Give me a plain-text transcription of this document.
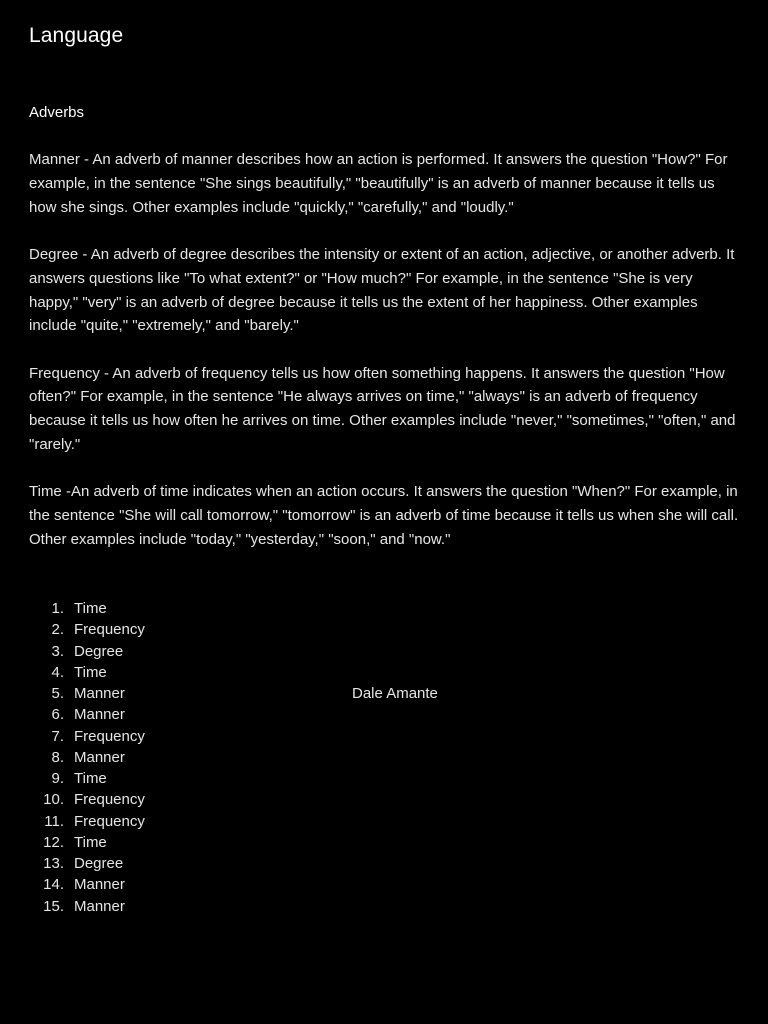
Language

Adverbs

Manner - An adverb of manner describes how an action is performed. It answers the question "How?" For example, in the sentence "She sings beautifully," "beautifully" is an adverb of manner because it tells us how she sings. Other examples include "quickly," "carefully," and "loudly."

Degree - An adverb of degree describes the intensity or extent of an action, adjective, or another adverb. It answers questions like "To what extent?" or "How much?" For example, in the sentence "She is very happy," "very" is an adverb of degree because it tells us the extent of her happiness. Other examples include "quite," "extremely," and "barely."

Frequency - An adverb of frequency tells us how often something happens. It answers the question "How often?" For example, in the sentence "He always arrives on time," "always" is an adverb of frequency because it tells us how often he arrives on time. Other examples include "never," "sometimes," "often," and "rarely."

Time -An adverb of time indicates when an action occurs. It answers the question "When?" For example, in the sentence "She will call tomorrow," "tomorrow" is an adverb of time because it tells us when she will call. Other examples include "today," "yesterday," "soon," and "now."

1. Time
2. Frequency
3. Degree
4. Time
5. Manner
6. Manner
7. Frequency
8. Manner
9. Time
10. Frequency
11. Frequency
12. Time
13. Degree
14. Manner
15. Manner
Dale Amante
